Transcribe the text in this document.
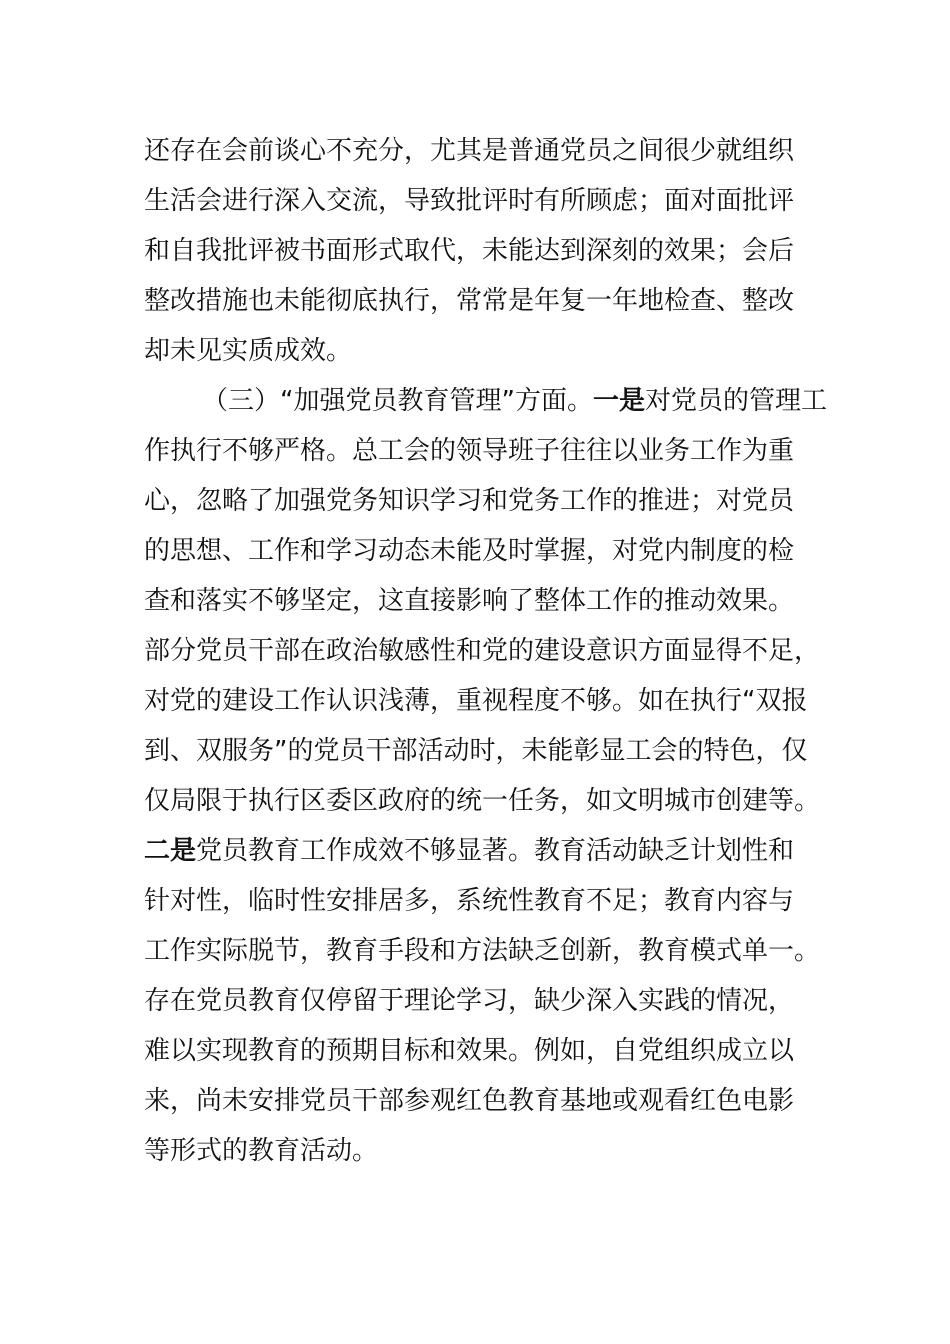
还存在会前谈心不充分，尤其是普通党员之间很少就组织
生活会进行深入交流，导致批评时有所顾虑；面对面批评
和自我批评被书面形式取代，未能达到深刻的效果；会后
整改措施也未能彻底执行，常常是年复一年地检查、整改
却未见实质成效。
（三）“加强党员教育管理”方面。一是对党员的管理工
作执行不够严格。总工会的领导班子往往以业务工作为重
心，忽略了加强党务知识学习和党务工作的推进；对党员
的思想、工作和学习动态未能及时掌握，对党内制度的检
查和落实不够坚定，这直接影响了整体工作的推动效果。
部分党员干部在政治敏感性和党的建设意识方面显得不足，
对党的建设工作认识浅薄，重视程度不够。如在执行“双报
到、双服务”的党员干部活动时，未能彰显工会的特色，仅
仅局限于执行区委区政府的统一任务，如文明城市创建等。
二是党员教育工作成效不够显著。教育活动缺乏计划性和
针对性，临时性安排居多，系统性教育不足；教育内容与
工作实际脱节，教育手段和方法缺乏创新，教育模式单一。
存在党员教育仅停留于理论学习，缺少深入实践的情况，
难以实现教育的预期目标和效果。例如，自党组织成立以
来，尚未安排党员干部参观红色教育基地或观看红色电影
等形式的教育活动。
